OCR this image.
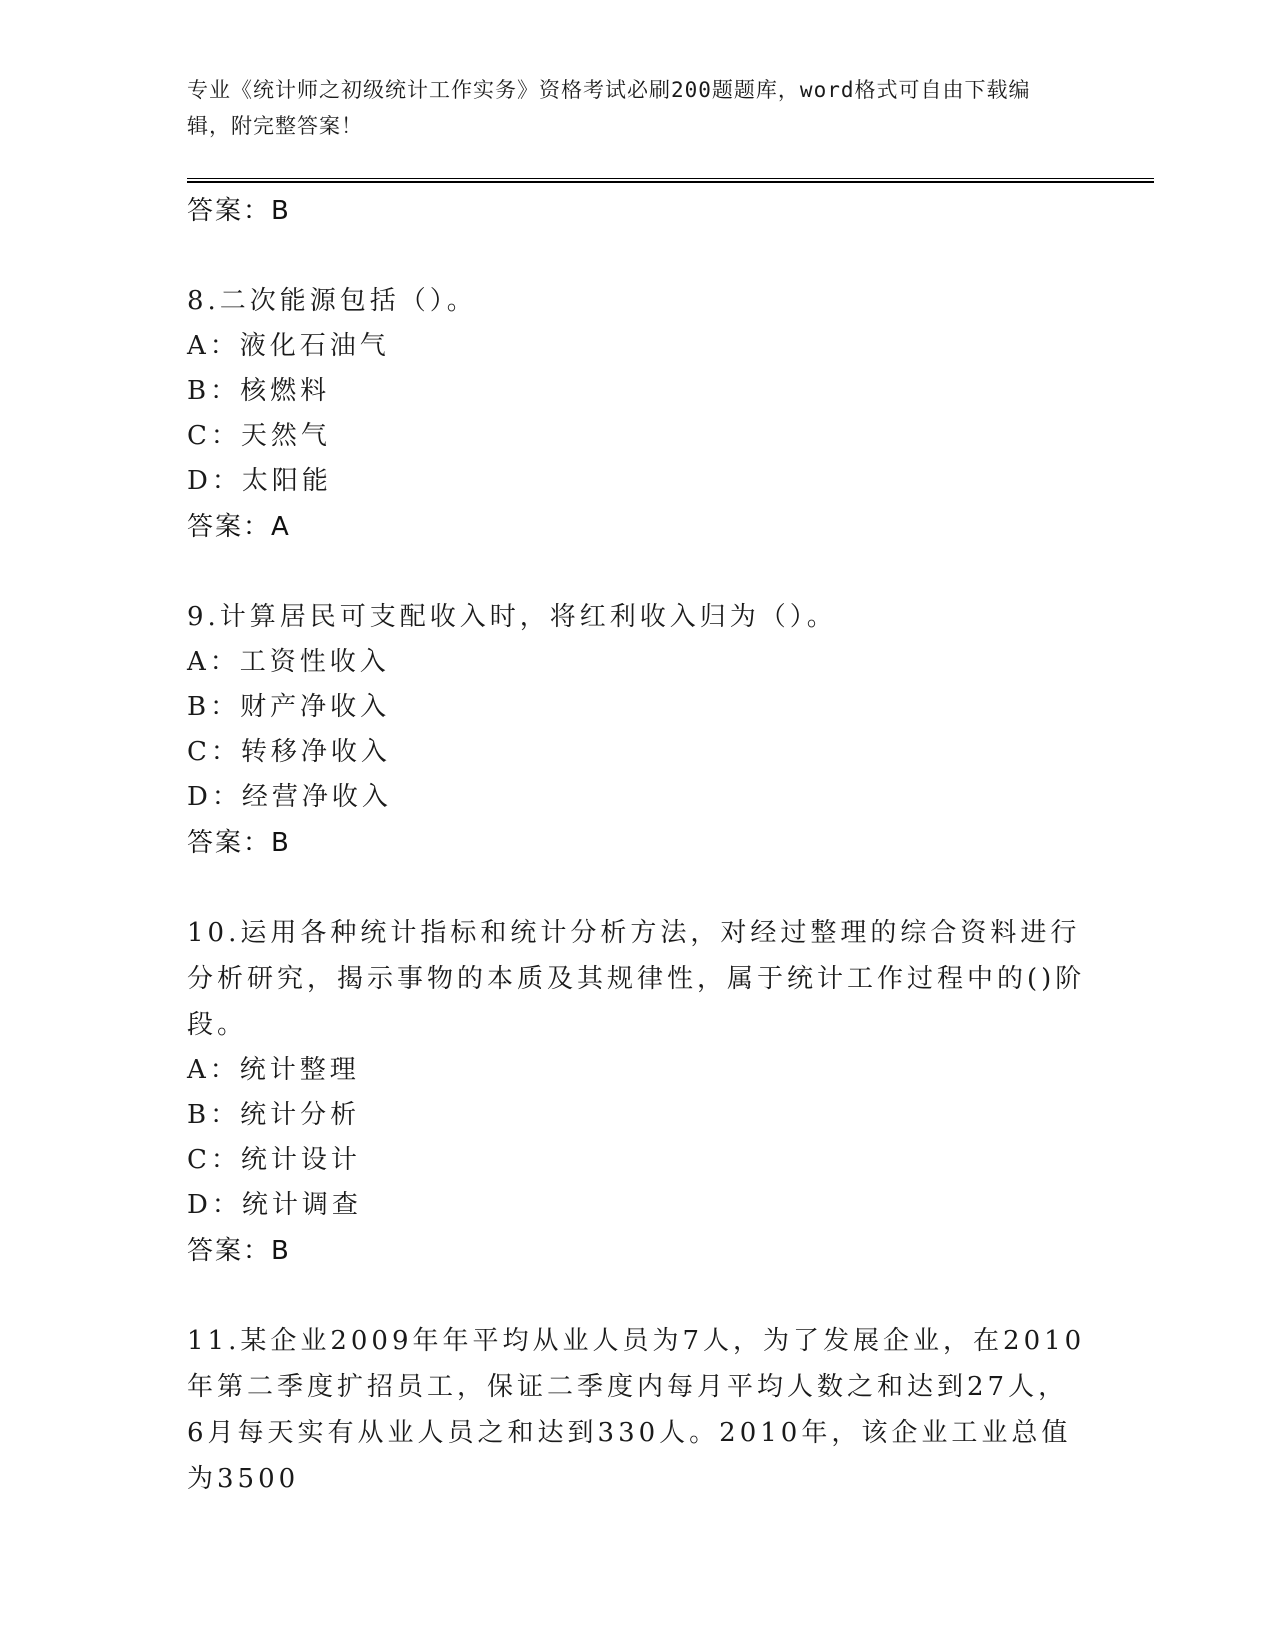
专业《统计师之初级统计工作实务》资格考试必刷200题题库，word格式可自由下载编辑，附完整答案！
答案：B
8.二次能源包括（）。
A：液化石油气
B：核燃料
C：天然气
D：太阳能
答案：A
9.计算居民可支配收入时，将红利收入归为（）。
A：工资性收入
B：财产净收入
C：转移净收入
D：经营净收入
答案：B
10.运用各种统计指标和统计分析方法，对经过整理的综合资料进行分析研究，揭示事物的本质及其规律性，属于统计工作过程中的()阶段。
A：统计整理
B：统计分析
C：统计设计
D：统计调查
答案：B
11.某企业2009年年平均从业人员为7人，为了发展企业，在2010年第二季度扩招员工，保证二季度内每月平均人数之和达到27人，6月每天实有从业人员之和达到330人。2010年，该企业工业总值为3500
